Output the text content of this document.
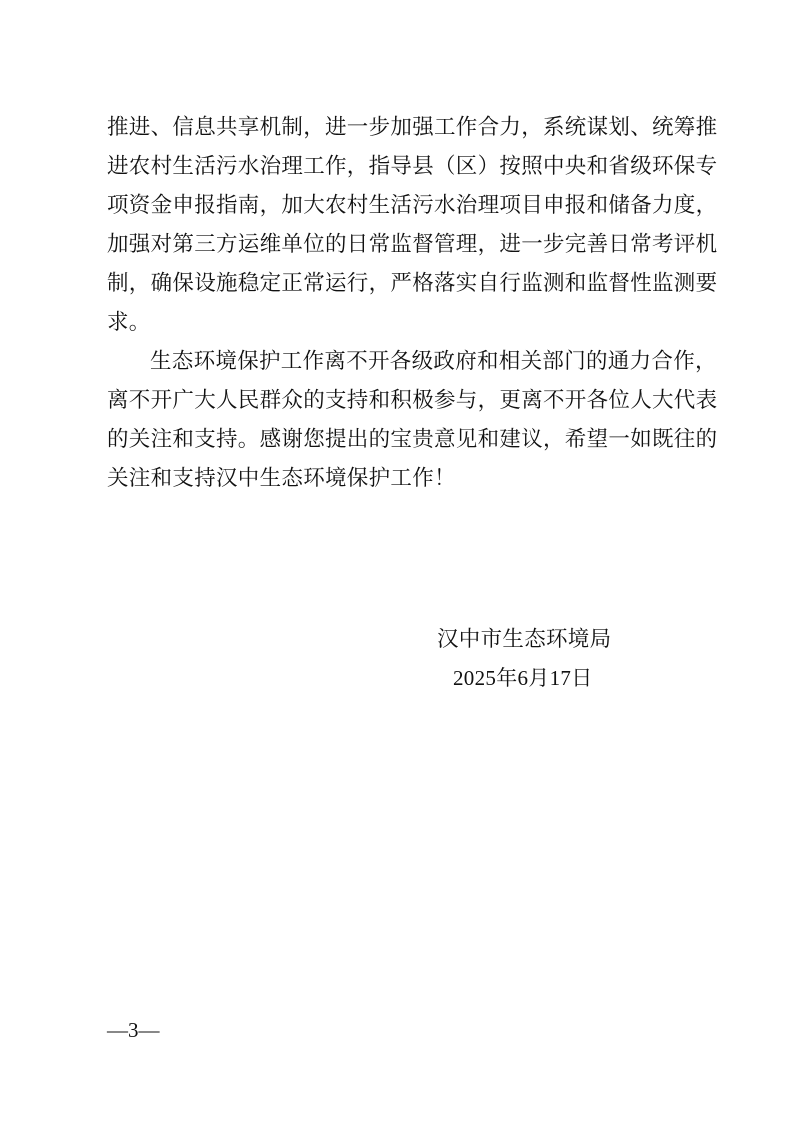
推进、信息共享机制，进一步加强工作合力，系统谋划、统筹推
进农村生活污水治理工作，指导县（区）按照中央和省级环保专
项资金申报指南，加大农村生活污水治理项目申报和储备力度，
加强对第三方运维单位的日常监督管理，进一步完善日常考评机
制，确保设施稳定正常运行，严格落实自行监测和监督性监测要
求。
生态环境保护工作离不开各级政府和相关部门的通力合作，
离不开广大人民群众的支持和积极参与，更离不开各位人大代表
的关注和支持。感谢您提出的宝贵意见和建议，希望一如既往的
关注和支持汉中生态环境保护工作！
汉中市生态环境局
2025年6月17日
—3—
